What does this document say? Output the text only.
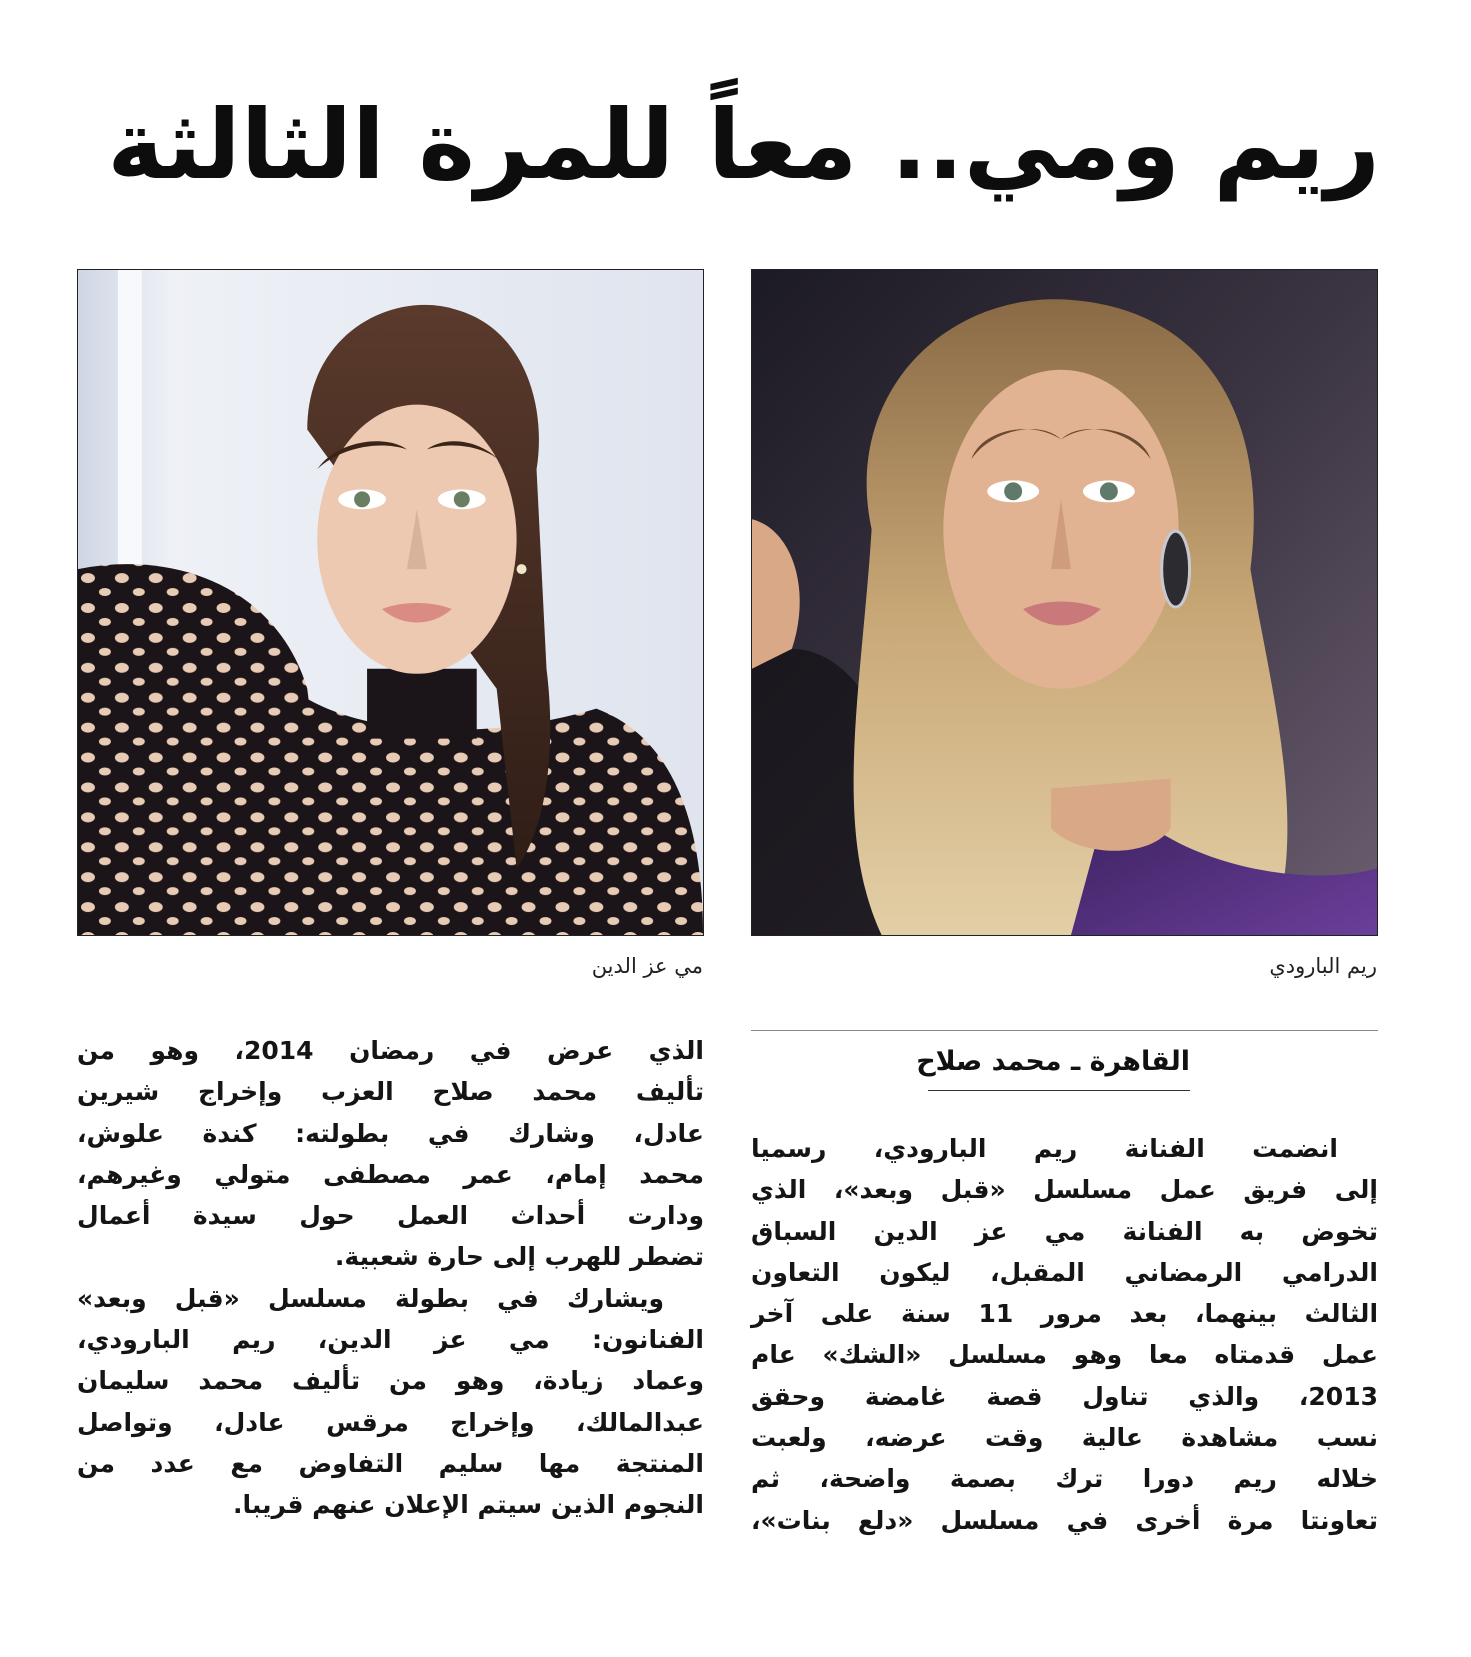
ريم ومي.. معاً للمرة الثالثة
ريم البارودي
مي عز الدين
القاهرة ـ محمد صلاح
انضمت الفنانة ريم البارودي، رسميا
إلى فريق عمل مسلسل «قبل وبعد»، الذي
تخوض به الفنانة مي عز الدين السباق
الدرامي الرمضاني المقبل، ليكون التعاون
الثالث بينهما، بعد مرور 11 سنة على آخر
عمل قدمتاه معا وهو مسلسل «الشك» عام
2013، والذي تناول قصة غامضة وحقق
نسب مشاهدة عالية وقت عرضه، ولعبت
خلاله ريم دورا ترك بصمة واضحة، ثم
تعاونتا مرة أخرى في مسلسل «دلع بنات»،
الذي عرض في رمضان 2014، وهو من
تأليف محمد صلاح العزب وإخراج شيرين
عادل، وشارك في بطولته: كندة علوش،
محمد إمام، عمر مصطفى متولي وغيرهم،
ودارت أحداث العمل حول سيدة أعمال
تضطر للهرب إلى حارة شعبية.
ويشارك في بطولة مسلسل «قبل وبعد»
الفنانون: مي عز الدين، ريم البارودي،
وعماد زيادة، وهو من تأليف محمد سليمان
عبدالمالك، وإخراج مرقس عادل، وتواصل
المنتجة مها سليم التفاوض مع عدد من
النجوم الذين سيتم الإعلان عنهم قريبا.
